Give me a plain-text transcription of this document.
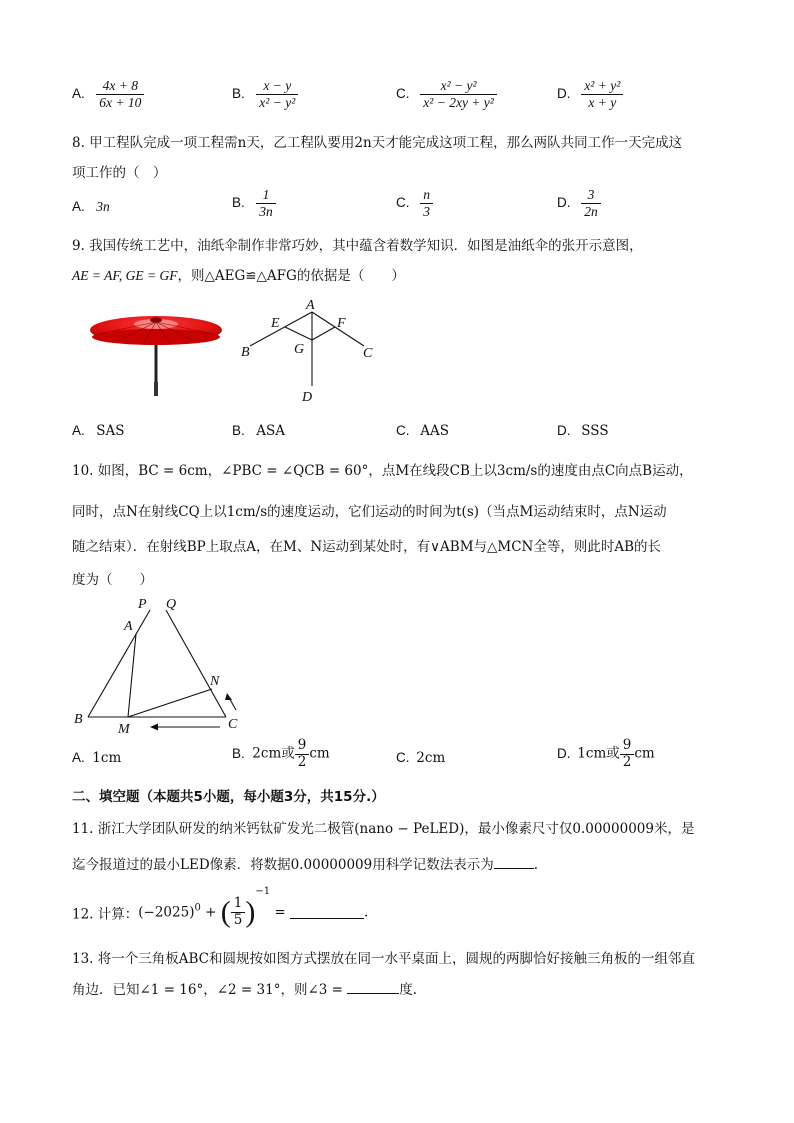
A. $\frac{4x + 8}{6x + 10}$	B. $\frac{x - y}{\text{x² − y²}}$	C. $\frac{\text{x² − y²}}{\text{x² − 2xy + y²}}$	D. $\frac{\text{x² + y²}}{x + y}$
8. 甲工程队完成一项工程需n天，乙工程队要用2n天才能完成这项工程，那么两队共同工作一天完成这
项工作的（　）
A. 3n	B. $\frac{1}{3n}$	C. $\frac{n}{3}$	D. $\frac{3}{2n}$
9. 我国传统工艺中，油纸伞制作非常巧妙，其中蕴含着数学知识．如图是油纸伞的张开示意图，
AE = AF, GE = GF，则△AEG≌△AFG的依据是（　　）
A
E	F
B	G	C
D
A. SAS	B. ASA	C. AAS	D. SSS
10. 如图，BC = 6cm，∠PBC = ∠QCB = 60°，点M在线段CB上以3cm/s的速度由点C向点B运动，
同时，点N在射线CQ上以1cm/s的速度运动，它们运动的时间为t(s)（当点M运动结束时，点N运动
随之结束）．在射线BP上取点A，在M、N运动到某处时，有∨ABM与△MCN全等，则此时AB的长
度为（　　）
P Q
A
N
B
M	C
A. 1cm	B. 2cm或 $\frac{9}{2}$ cm	C. 2cm	D. 1cm或 $\frac{9}{2}$ cm
二、填空题（本题共5小题，每小题3分，共15分.）
11. 浙江大学团队研发的纳米钙钛矿发光二极管(nano − PeLED)，最小像素尺寸仅0.00000009米，是
迄今报道过的最小LED像素．将数据0.00000009用科学记数法表示为	.
12. 计算：$(-2025)^0$ + ( $\frac{1}{5} )^{-1}$ =	.
13. 将一个三角板ABC和圆规按如图方式摆放在同一水平桌面上，圆规的两脚恰好接触三角板的一组邻直
角边．已知∠1 = 16°，∠2 = 31°，则∠3 =	度.
